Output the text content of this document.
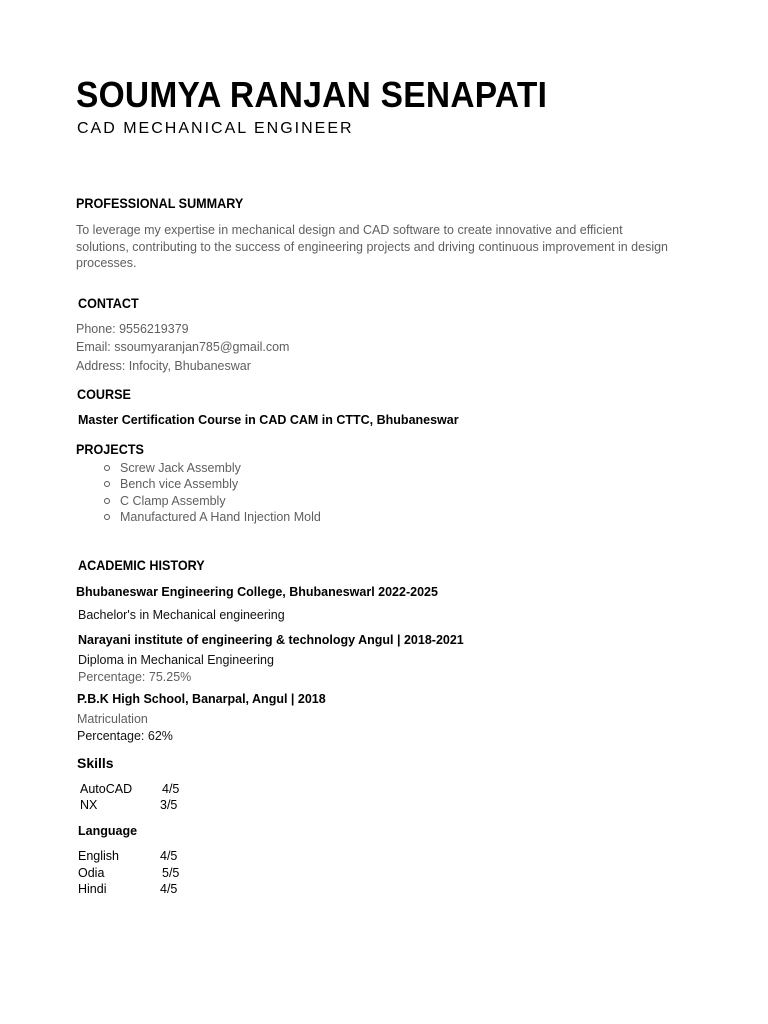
SOUMYA RANJAN SENAPATI
CAD MECHANICAL ENGINEER
PROFESSIONAL SUMMARY
To leverage my expertise in mechanical design and CAD software to create innovative and efficient
solutions, contributing to the success of engineering projects and driving continuous improvement in design
processes.
CONTACT
Phone: 9556219379
Email: ssoumyaranjan785@gmail.com
Address: Infocity, Bhubaneswar
COURSE
Master Certification Course in CAD CAM in CTTC, Bhubaneswar
PROJECTS
Screw Jack Assembly
Bench vice Assembly
C Clamp Assembly
Manufactured A Hand Injection Mold
ACADEMIC HISTORY
Bhubaneswar Engineering College, Bhubaneswarl 2022-2025
Bachelor's in Mechanical engineering
Narayani institute of engineering & technology Angul | 2018-2021
Diploma in Mechanical Engineering
Percentage: 75.25%
P.B.K High School, Banarpal, Angul | 2018
Matriculation
Percentage: 62%
Skills
AutoCAD 4/5
NX	3/5
Language
English	4/5
Odia	5/5
Hindi	4/5
